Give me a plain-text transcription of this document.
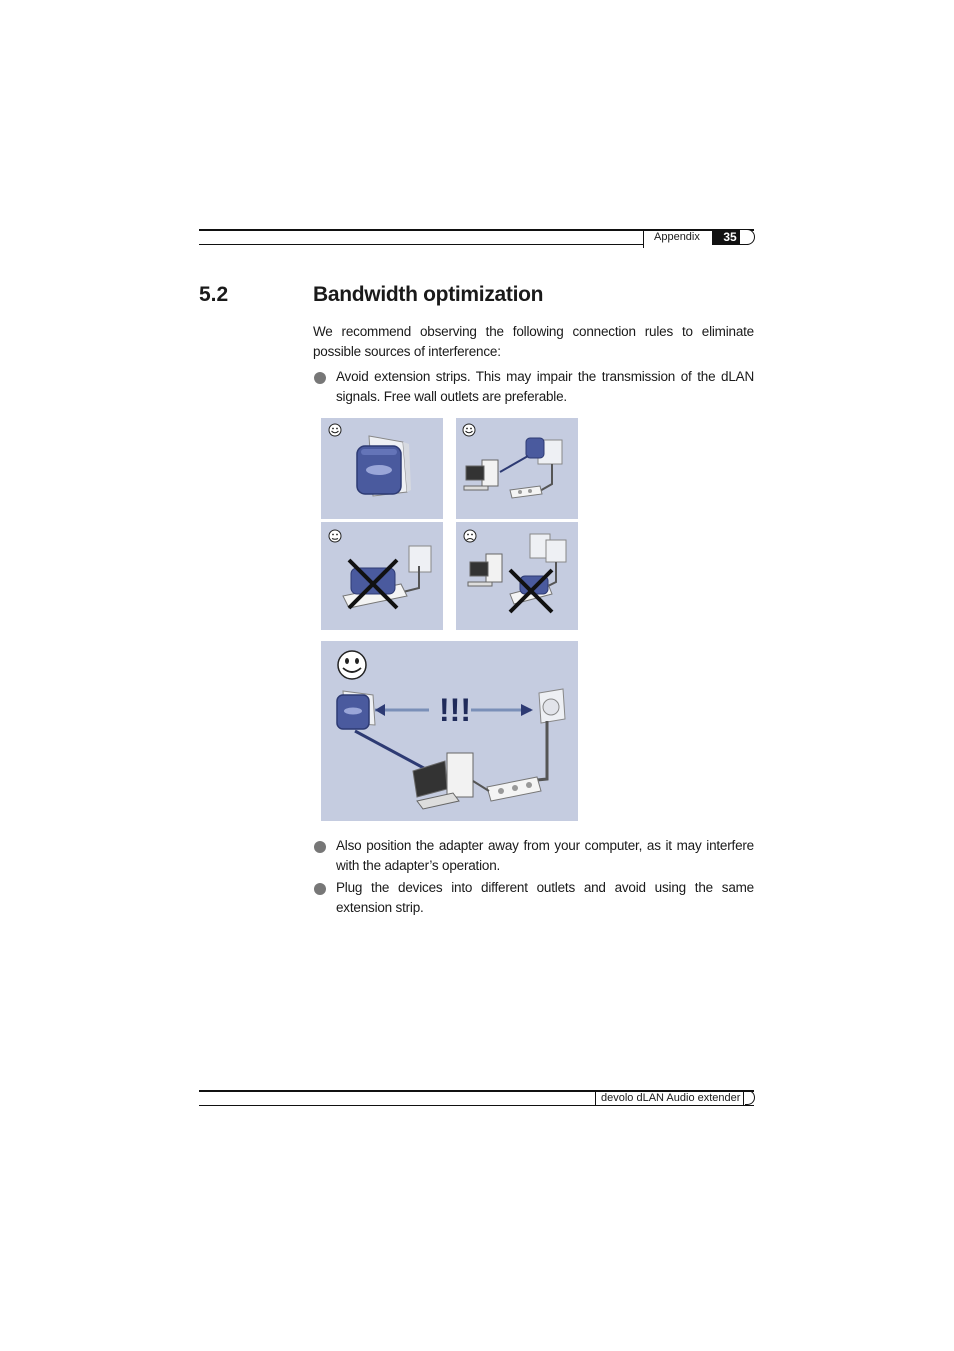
Appendix	35
5.2	Bandwidth optimization
We recommend observing the following connection rules to eliminate possible sources of interference:
Avoid extension strips. This may impair the transmission of the dLAN signals. Free wall outlets are preferable.
!!!
Also position the adapter away from your computer, as it may interfere with the adapter’s operation.
Plug the devices into different outlets and avoid using the same extension strip.
devolo dLAN Audio extender
